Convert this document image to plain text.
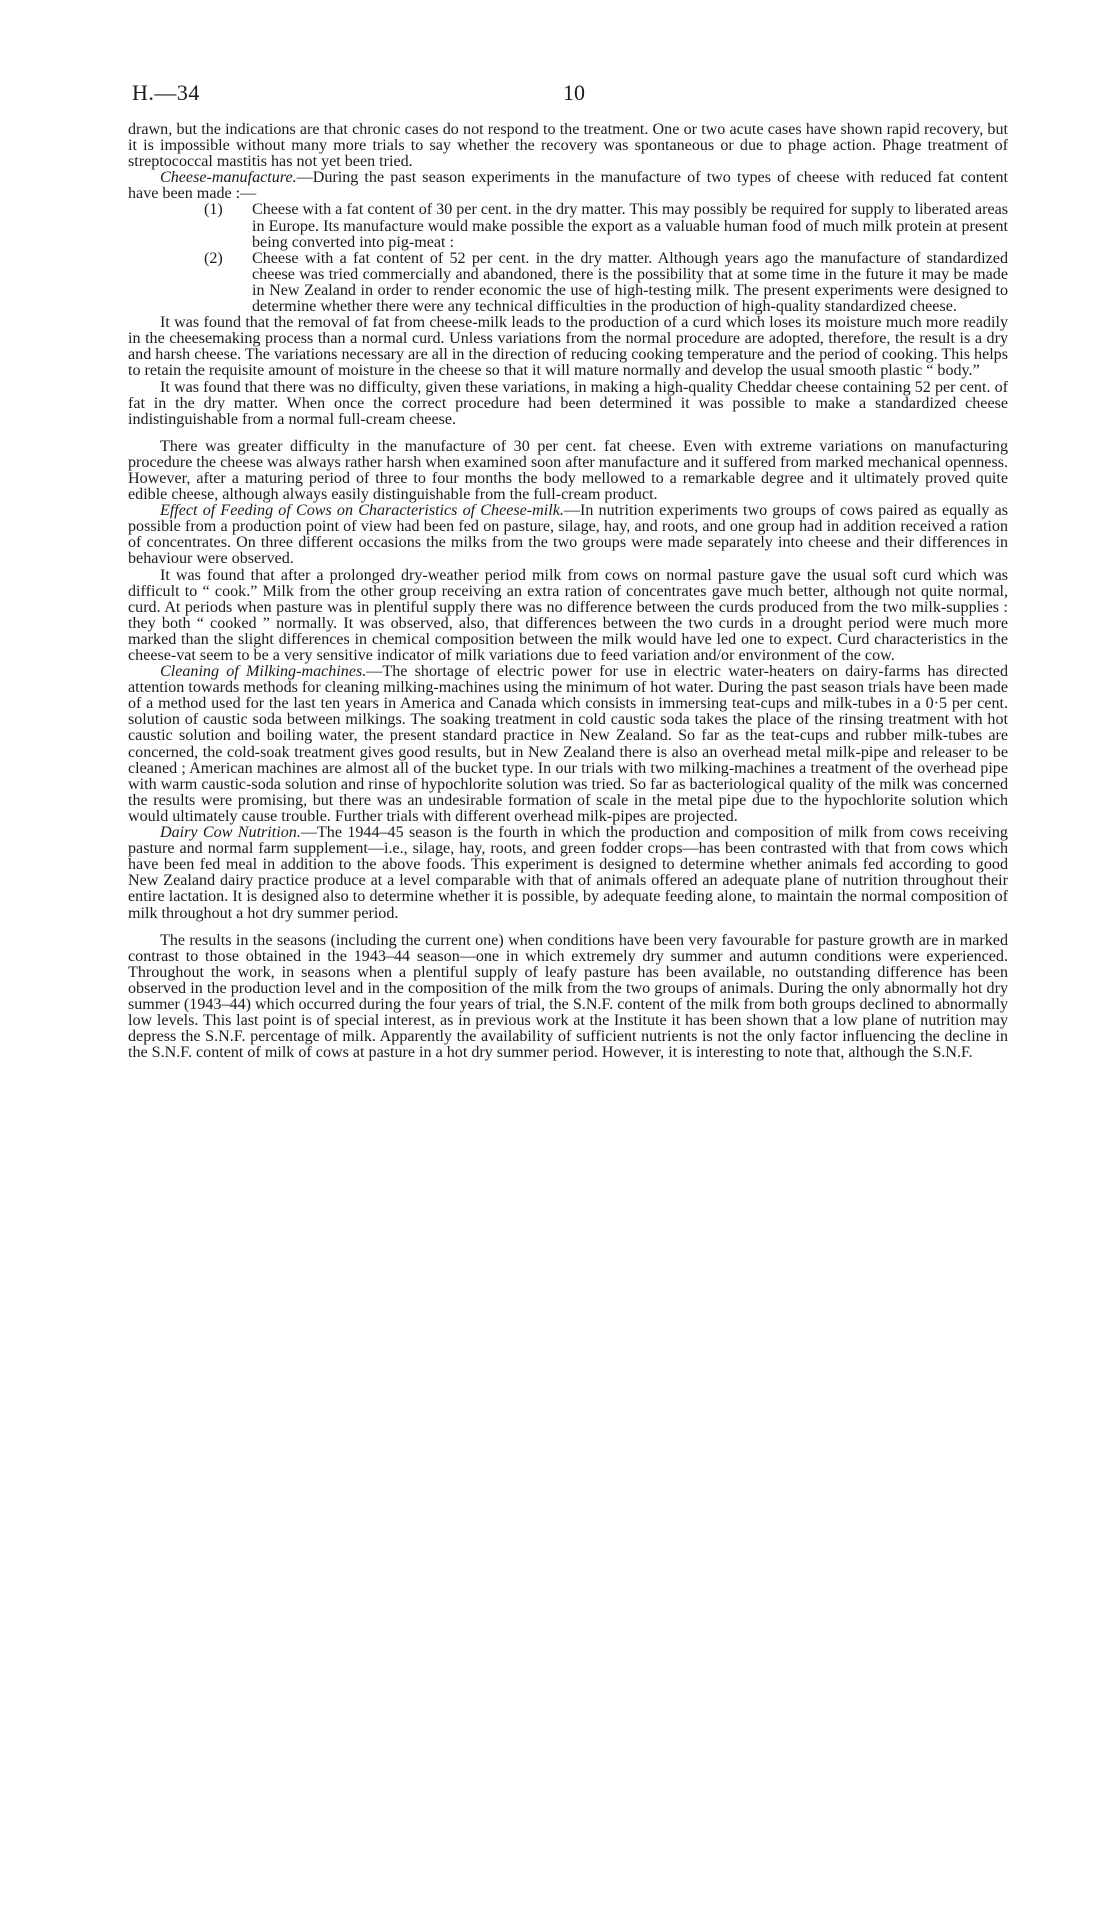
H.—34	10

drawn, but the indications are that chronic cases do not respond to the treatment. One or two acute cases have shown rapid recovery, but it is impossible without many more trials to say whether the recovery was spontaneous or due to phage action. Phage treatment of streptococcal mastitis has not yet been tried.

Cheese-manufacture.—During the past season experiments in the manufacture of two types of cheese with reduced fat content have been made :—

(1) Cheese with a fat content of 30 per cent. in the dry matter. This may possibly be required for supply to liberated areas in Europe. Its manufacture would make possible the export as a valuable human food of much milk protein at present being converted into pig-meat :

(2) Cheese with a fat content of 52 per cent. in the dry matter. Although years ago the manufacture of standardized cheese was tried commercially and abandoned, there is the possibility that at some time in the future it may be made in New Zealand in order to render economic the use of high-testing milk. The present experiments were designed to determine whether there were any technical difficulties in the production of high-quality standardized cheese.

It was found that the removal of fat from cheese-milk leads to the production of a curd which loses its moisture much more readily in the cheesemaking process than a normal curd. Unless variations from the normal procedure are adopted, therefore, the result is a dry and harsh cheese. The variations necessary are all in the direction of reducing cooking temperature and the period of cooking. This helps to retain the requisite amount of moisture in the cheese so that it will mature normally and develop the usual smooth plastic “ body.”

It was found that there was no difficulty, given these variations, in making a high-quality Cheddar cheese containing 52 per cent. of fat in the dry matter. When once the correct procedure had been determined it was possible to make a standardized cheese indistinguishable from a normal full-cream cheese.

There was greater difficulty in the manufacture of 30 per cent. fat cheese. Even with extreme variations on manufacturing procedure the cheese was always rather harsh when examined soon after manufacture and it suffered from marked mechanical openness. However, after a maturing period of three to four months the body mellowed to a remarkable degree and it ultimately proved quite edible cheese, although always easily distinguishable from the full-cream product.

Effect of Feeding of Cows on Characteristics of Cheese-milk.—In nutrition experiments two groups of cows paired as equally as possible from a production point of view had been fed on pasture, silage, hay, and roots, and one group had in addition received a ration of concentrates. On three different occasions the milks from the two groups were made separately into cheese and their differences in behaviour were observed.

It was found that after a prolonged dry-weather period milk from cows on normal pasture gave the usual soft curd which was difficult to “ cook.” Milk from the other group receiving an extra ration of concentrates gave much better, although not quite normal, curd. At periods when pasture was in plentiful supply there was no difference between the curds produced from the two milk-supplies : they both “ cooked ” normally. It was observed, also, that differences between the two curds in a drought period were much more marked than the slight differences in chemical composition between the milk would have led one to expect. Curd characteristics in the cheese-vat seem to be a very sensitive indicator of milk variations due to feed variation and/or environment of the cow.

Cleaning of Milking-machines.—The shortage of electric power for use in electric water-heaters on dairy-farms has directed attention towards methods for cleaning milking-machines using the minimum of hot water. During the past season trials have been made of a method used for the last ten years in America and Canada which consists in immersing teat-cups and milk-tubes in a 0·5 per cent. solution of caustic soda between milkings. The soaking treatment in cold caustic soda takes the place of the rinsing treatment with hot caustic solution and boiling water, the present standard practice in New Zealand. So far as the teat-cups and rubber milk-tubes are concerned, the cold-soak treatment gives good results, but in New Zealand there is also an overhead metal milk-pipe and releaser to be cleaned ; American machines are almost all of the bucket type. In our trials with two milking-machines a treatment of the overhead pipe with warm caustic-soda solution and rinse of hypochlorite solution was tried. So far as bacteriological quality of the milk was concerned the results were promising, but there was an undesirable formation of scale in the metal pipe due to the hypochlorite solution which would ultimately cause trouble. Further trials with different overhead milk-pipes are projected.

Dairy Cow Nutrition.—The 1944–45 season is the fourth in which the production and composition of milk from cows receiving pasture and normal farm supplement—i.e., silage, hay, roots, and green fodder crops—has been contrasted with that from cows which have been fed meal in addition to the above foods. This experiment is designed to determine whether animals fed according to good New Zealand dairy practice produce at a level comparable with that of animals offered an adequate plane of nutrition throughout their entire lactation. It is designed also to determine whether it is possible, by adequate feeding alone, to maintain the normal composition of milk throughout a hot dry summer period.

The results in the seasons (including the current one) when conditions have been very favourable for pasture growth are in marked contrast to those obtained in the 1943–44 season—one in which extremely dry summer and autumn conditions were experienced. Throughout the work, in seasons when a plentiful supply of leafy pasture has been available, no outstanding difference has been observed in the production level and in the composition of the milk from the two groups of animals. During the only abnormally hot dry summer (1943–44) which occurred during the four years of trial, the S.N.F. content of the milk from both groups declined to abnormally low levels. This last point is of special interest, as in previous work at the Institute it has been shown that a low plane of nutrition may depress the S.N.F. percentage of milk. Apparently the availability of sufficient nutrients is not the only factor influencing the decline in the S.N.F. content of milk of cows at pasture in a hot dry summer period. However, it is interesting to note that, although the S.N.F.
